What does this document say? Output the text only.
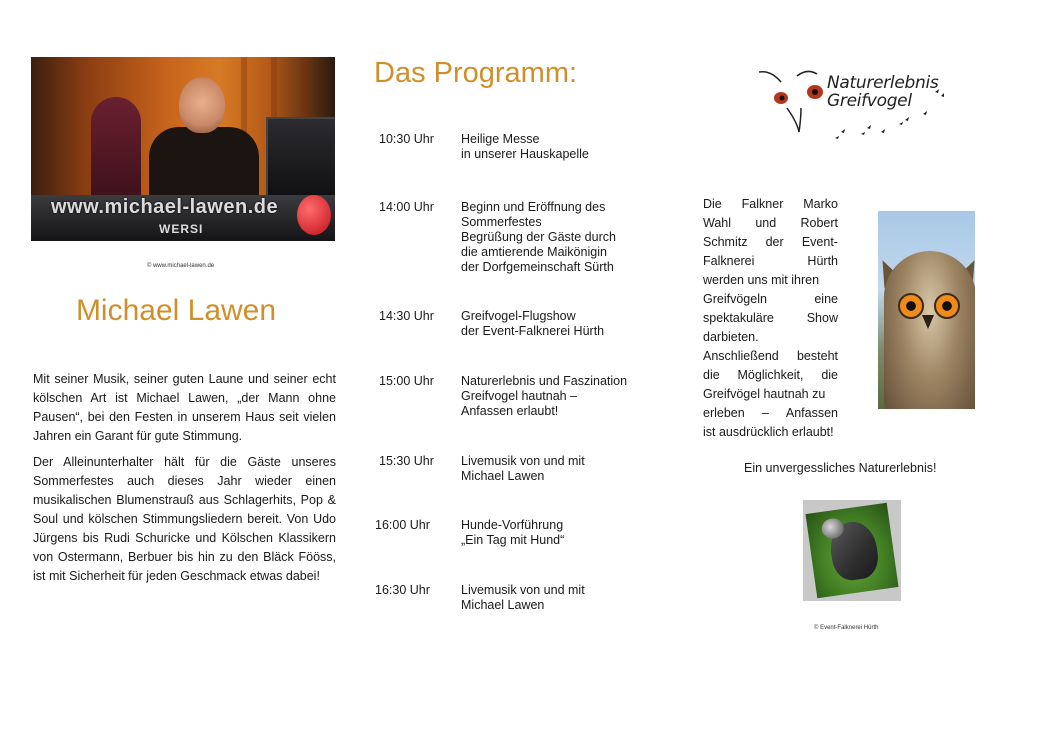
www.michael-lawen.de
WERSI
© www.michael-lawen.de
Michael Lawen

Mit seiner Musik, seiner guten Laune und seiner echt kölschen Art ist Michael Lawen, „der Mann ohne Pausen“, bei den Festen in unserem Haus seit vielen Jahren ein Garant für gute Stimmung.

Der Alleinunterhalter hält für die Gäste unseres Sommerfestes auch dieses Jahr wieder einen musikalischen Blumenstrauß aus Schlagerhits, Pop & Soul und kölschen Stimmungsliedern bereit. Von Udo Jürgens bis Rudi Schuricke und Kölschen Klassikern von Ostermann, Berbuer bis hin zu den Bläck Fööss, ist mit Sicherheit für jeden Geschmack etwas dabei!

Das Programm:
10:30 Uhr Heilige Messe
in unserer Hauskapelle
14:00 Uhr Beginn und Eröffnung des
Sommerfestes
Begrüßung der Gäste durch
die amtierende Maikönigin
der Dorfgemeinschaft Sürth
14:30 Uhr Greifvogel-Flugshow
der Event-Falknerei Hürth
15:00 Uhr Naturerlebnis und Faszination
Greifvogel hautnah –
Anfassen erlaubt!
15:30 Uhr Livemusik von und mit
Michael Lawen
16:00 Uhr Hunde-Vorführung
„Ein Tag mit Hund“
16:30 Uhr Livemusik von und mit
Michael Lawen
Naturerlebnis
Greifvogel
Die Falkner Marko
Wahl und Robert
Schmitz der Event-
Falknerei	Hürth
werden uns mit ihren
Greifvögeln	eine
spektakuläre	Show
darbieten.
Anschließend besteht
die Möglichkeit, die
Greifvögel hautnah zu
erleben – Anfassen
ist ausdrücklich erlaubt!
Ein unvergessliches Naturerlebnis!
© Event-Falknerei Hürth
